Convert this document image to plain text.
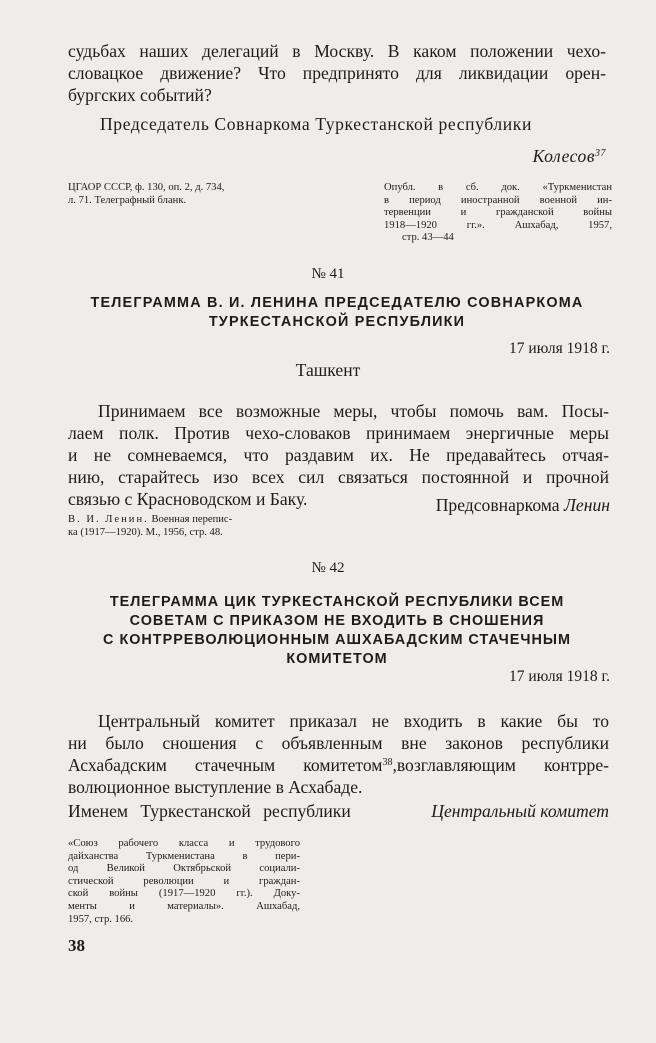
судьбах наших делегаций в Москву. В каком положении чехо-
словацкое движение? Что предпринято для ликвидации орен-
бургских событий?
Председатель Совнаркома Туркестанской республики
Колесов$^{37}$
ЦГАОР СССР, ф. 130, оп. 2, д. 734,
л. 71. Телеграфный бланк.
Опубл. в сб. док. «Туркменистан
в период иностранной военной ин-
тервенции и гражданской войны
1918—1920 гг.». Ашхабад, 1957,
стр. 43—44
№ 41
ТЕЛЕГРАММА В. И. ЛЕНИНА ПРЕДСЕДАТЕЛЮ СОВНАРКОМА
ТУРКЕСТАНСКОЙ РЕСПУБЛИКИ
17 июля 1918 г.
Ташкент
Принимаем все возможные меры, чтобы помочь вам. Посы-
лаем полк. Против чехо-словаков принимаем энергичные меры
и не сомневаемся, что раздавим их. Не предавайтесь отчая-
нию, старайтесь изо всех сил связаться постоянной и прочной
связью с Красноводском и Баку.	Предсовнаркома Ленин
В. И. Ленин. Военная перепис-
ка (1917—1920). М., 1956, стр. 48.
№ 42
ТЕЛЕГРАММА ЦИК ТУРКЕСТАНСКОЙ РЕСПУБЛИКИ ВСЕМ
СОВЕТАМ С ПРИКАЗОМ НЕ ВХОДИТЬ В СНОШЕНИЯ
С КОНТРРЕВОЛЮЦИОННЫМ АШХАБАДСКИМ СТАЧЕЧНЫМ
КОМИТЕТОМ
17 июля 1918 г.
Центральный комитет приказал не входить в какие бы то
ни было сношения с объявленным вне законов республики
Асхабадским стачечным комитетом$^{38}$,возглавляющим контрре-
волюционное выступление в Асхабаде.
Именем Туркестанской республики	Центральный комитет
«Союз рабочего класса и трудового
дайханства Туркменистана в пери-
од Великой Октябрьской социали-
стической революции и граждан-
ской войны (1917—1920 гг.). Доку-
менты и материалы». Ашхабад,
1957, стр. 166.
38
